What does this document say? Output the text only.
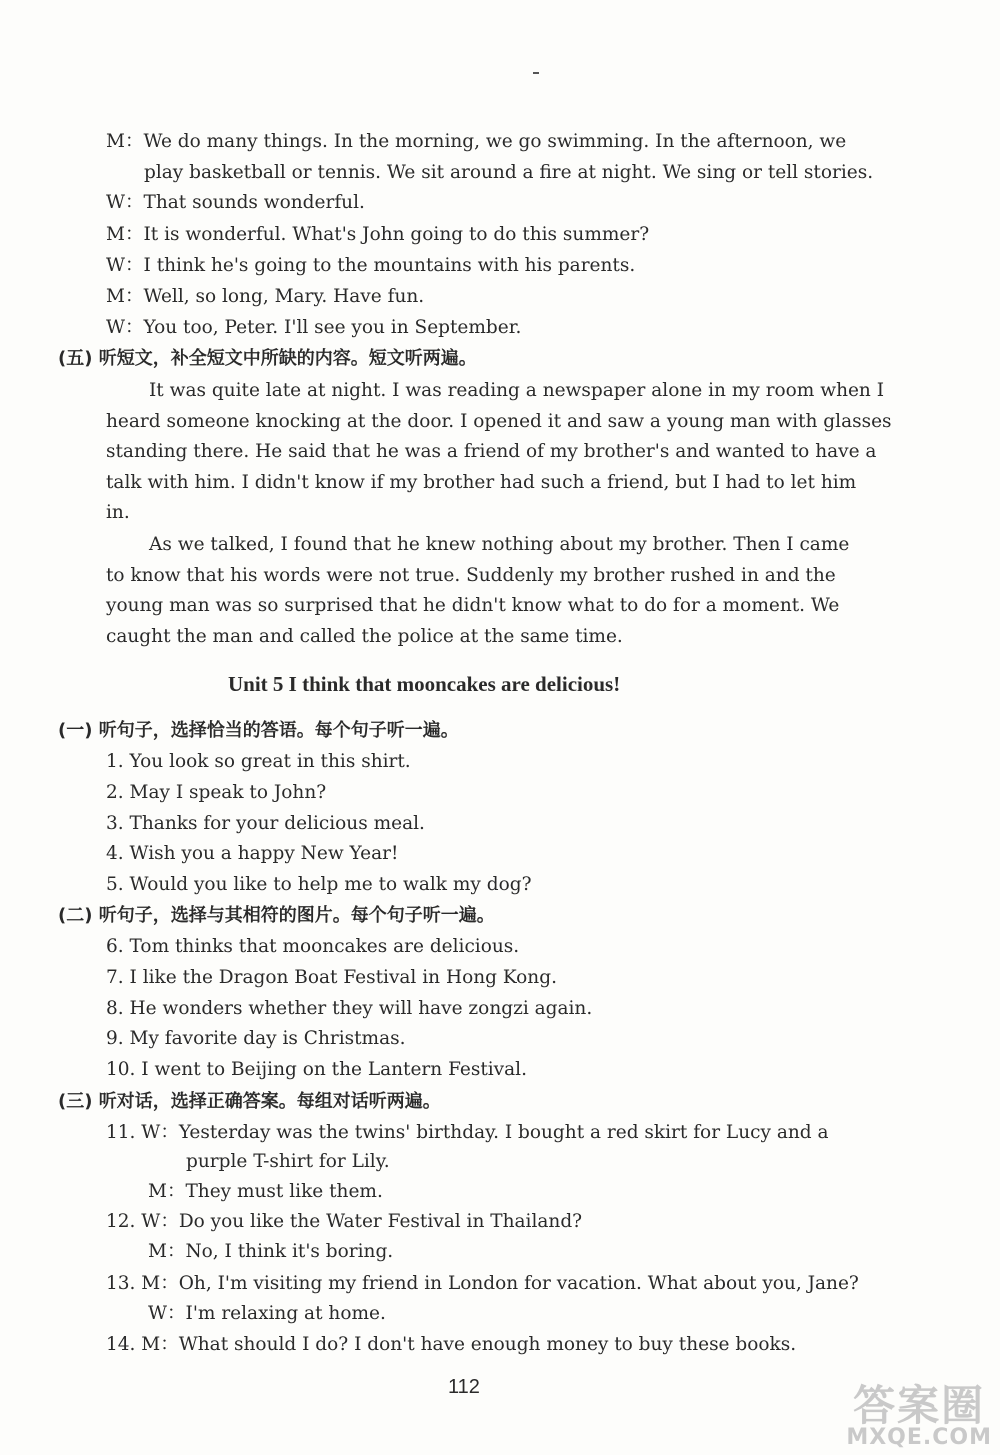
M：We do many things. In the morning, we go swimming. In the afternoon, we
play basketball or tennis. We sit around a fire at night. We sing or tell stories.
W：That sounds wonderful.
M：It is wonderful. What's John going to do this summer?
W：I think he's going to the mountains with his parents.
M：Well, so long, Mary. Have fun.
W：You too, Peter. I'll see you in September.
(五) 听短文，补全短文中所缺的内容。短文听两遍。
It was quite late at night. I was reading a newspaper alone in my room when I
heard someone knocking at the door. I opened it and saw a young man with glasses
standing there. He said that he was a friend of my brother's and wanted to have a
talk with him. I didn't know if my brother had such a friend, but I had to let him
in.
As we talked, I found that he knew nothing about my brother. Then I came
to know that his words were not true. Suddenly my brother rushed in and the
young man was so surprised that he didn't know what to do for a moment. We
caught the man and called the police at the same time.
Unit 5 I think that mooncakes are delicious!
(一) 听句子，选择恰当的答语。每个句子听一遍。
1. You look so great in this shirt.
2. May I speak to John?
3. Thanks for your delicious meal.
4. Wish you a happy New Year!
5. Would you like to help me to walk my dog?
(二) 听句子，选择与其相符的图片。每个句子听一遍。
6. Tom thinks that mooncakes are delicious.
7. I like the Dragon Boat Festival in Hong Kong.
8. He wonders whether they will have zongzi again.
9. My favorite day is Christmas.
10. I went to Beijing on the Lantern Festival.
(三) 听对话，选择正确答案。每组对话听两遍。
11. W：Yesterday was the twins' birthday. I bought a red skirt for Lucy and a
purple T-shirt for Lily.
M：They must like them.
12. W：Do you like the Water Festival in Thailand?
M：No, I think it's boring.
13. M：Oh, I'm visiting my friend in London for vacation. What about you, Jane?
W：I'm relaxing at home.
14. M：What should I do? I don't have enough money to buy these books.
112	答案圈
MXQE.COM
